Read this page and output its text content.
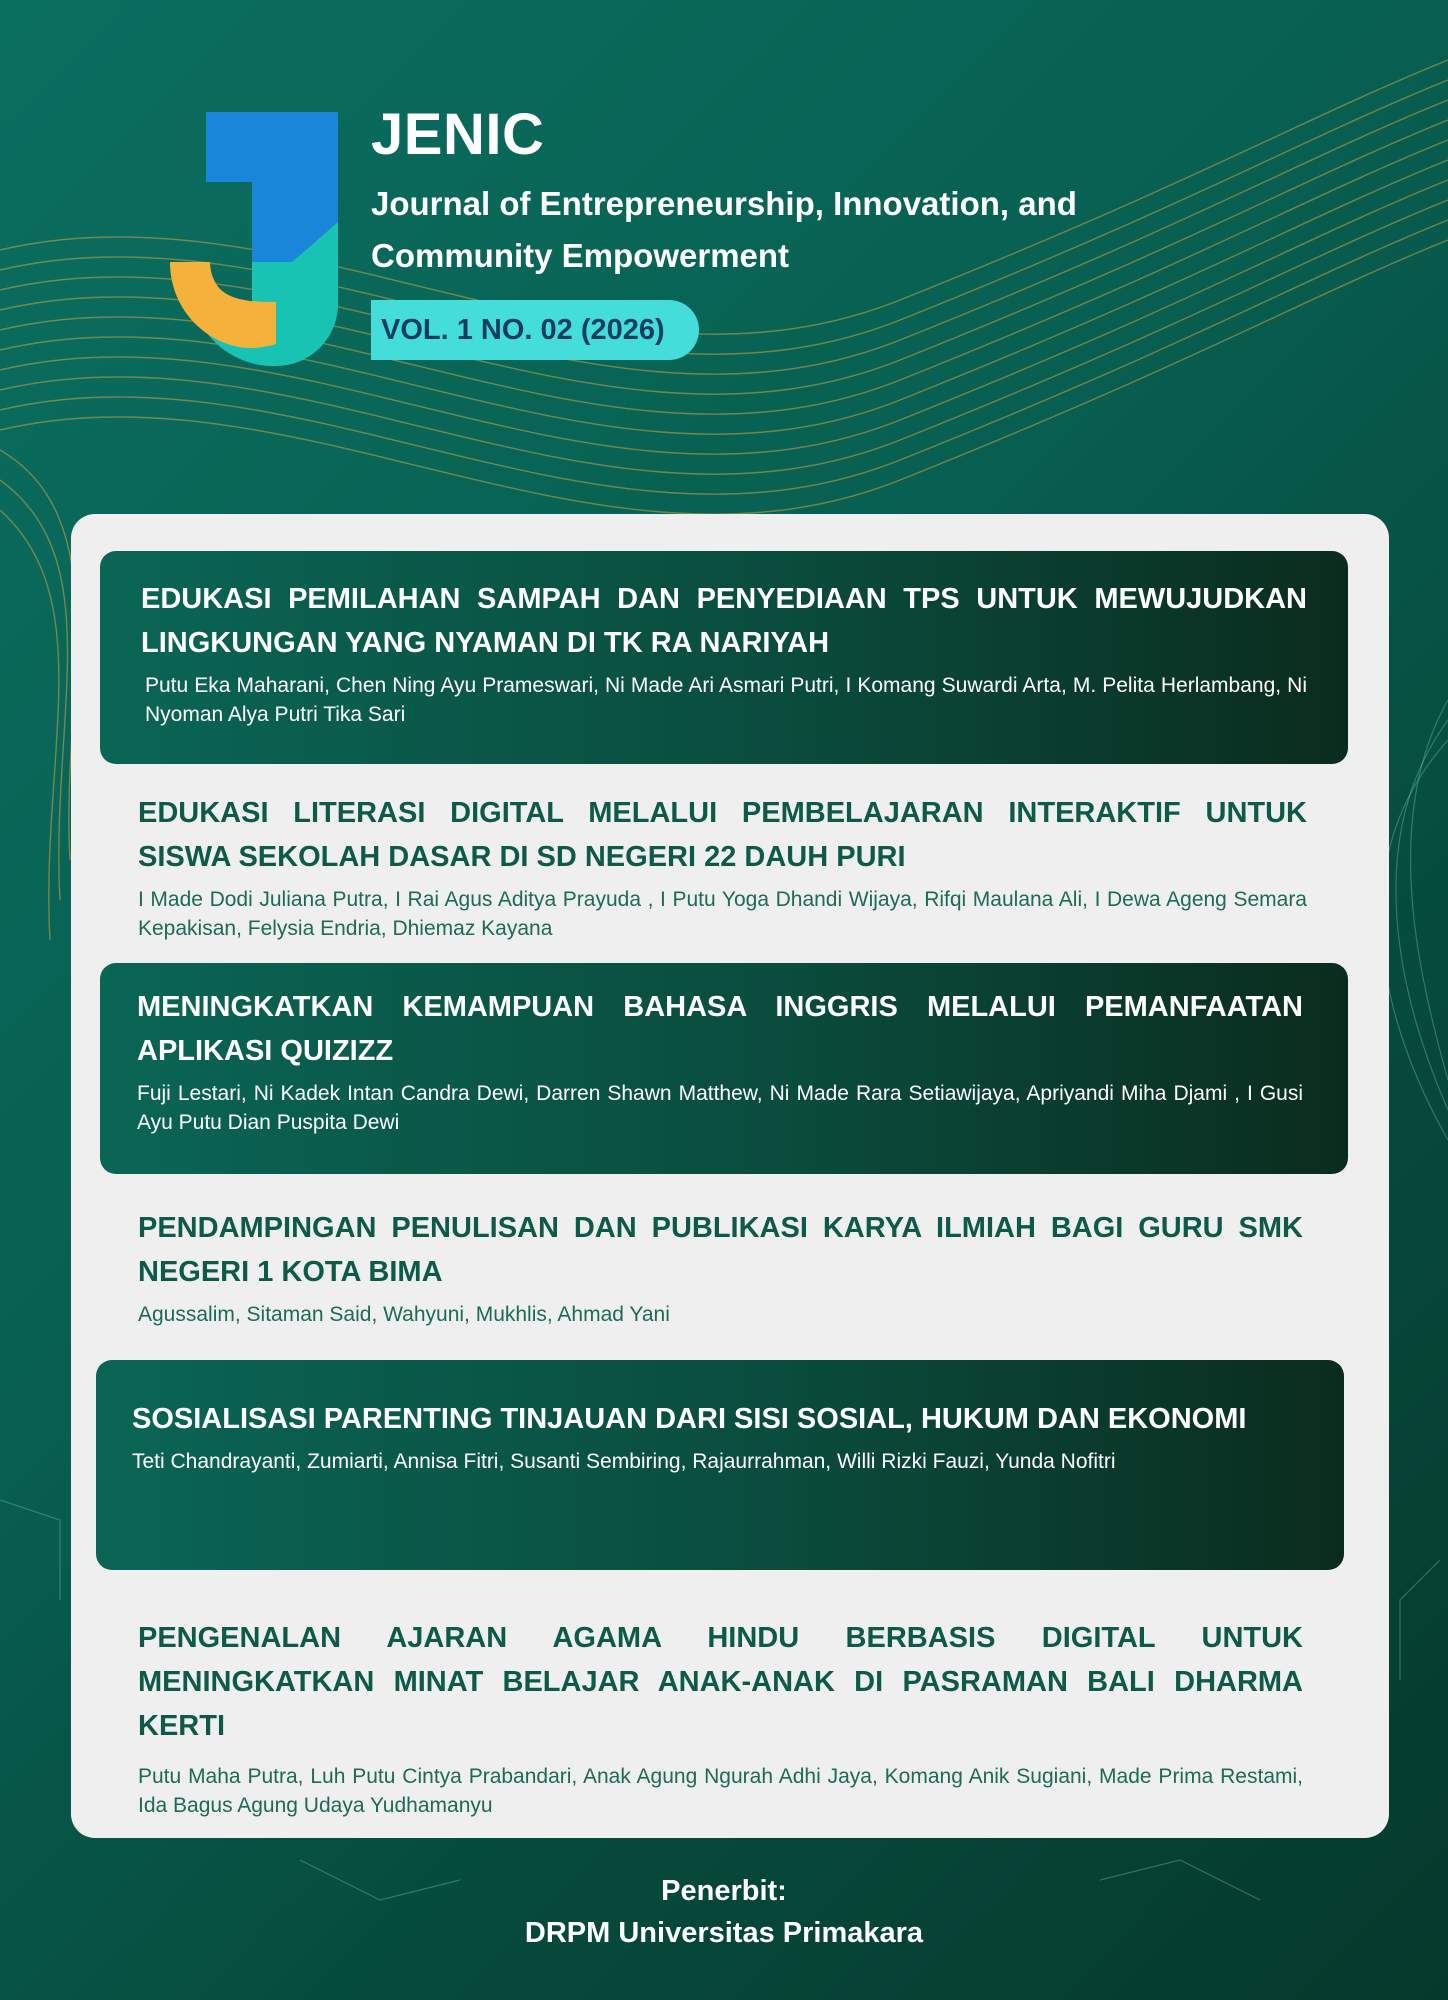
JENIC
Journal of Entrepreneurship, Innovation, and Community Empowerment
VOL. 1 NO. 02 (2026)

EDUKASI PEMILAHAN SAMPAH DAN PENYEDIAAN TPS UNTUK MEWUJUDKAN LINGKUNGAN YANG NYAMAN DI TK RA NARIYAH

Putu Eka Maharani, Chen Ning Ayu Prameswari, Ni Made Ari Asmari Putri, I Komang Suwardi Arta, M. Pelita Herlambang, Ni Nyoman Alya Putri Tika Sari

EDUKASI LITERASI DIGITAL MELALUI PEMBELAJARAN INTERAKTIF UNTUK SISWA SEKOLAH DASAR DI SD NEGERI 22 DAUH PURI

I Made Dodi Juliana Putra, I Rai Agus Aditya Prayuda , I Putu Yoga Dhandi Wijaya, Rifqi Maulana Ali, I Dewa Ageng Semara Kepakisan, Felysia Endria, Dhiemaz Kayana

MENINGKATKAN KEMAMPUAN BAHASA INGGRIS MELALUI PEMANFAATAN APLIKASI QUIZIZZ

Fuji Lestari, Ni Kadek Intan Candra Dewi, Darren Shawn Matthew, Ni Made Rara Setiawijaya, Apriyandi Miha Djami , I Gusi Ayu Putu Dian Puspita Dewi

PENDAMPINGAN PENULISAN DAN PUBLIKASI KARYA ILMIAH BAGI GURU SMK NEGERI 1 KOTA BIMA

Agussalim, Sitaman Said, Wahyuni, Mukhlis, Ahmad Yani

SOSIALISASI PARENTING TINJAUAN DARI SISI SOSIAL, HUKUM DAN EKONOMI

Teti Chandrayanti, Zumiarti, Annisa Fitri, Susanti Sembiring, Rajaurrahman, Willi Rizki Fauzi, Yunda Nofitri

PENGENALAN AJARAN AGAMA HINDU BERBASIS DIGITAL UNTUK MENINGKATKAN MINAT BELAJAR ANAK-ANAK DI PASRAMAN BALI DHARMA KERTI

Putu Maha Putra, Luh Putu Cintya Prabandari, Anak Agung Ngurah Adhi Jaya, Komang Anik Sugiani, Made Prima Restami, Ida Bagus Agung Udaya Yudhamanyu

Penerbit:
DRPM Universitas Primakara
